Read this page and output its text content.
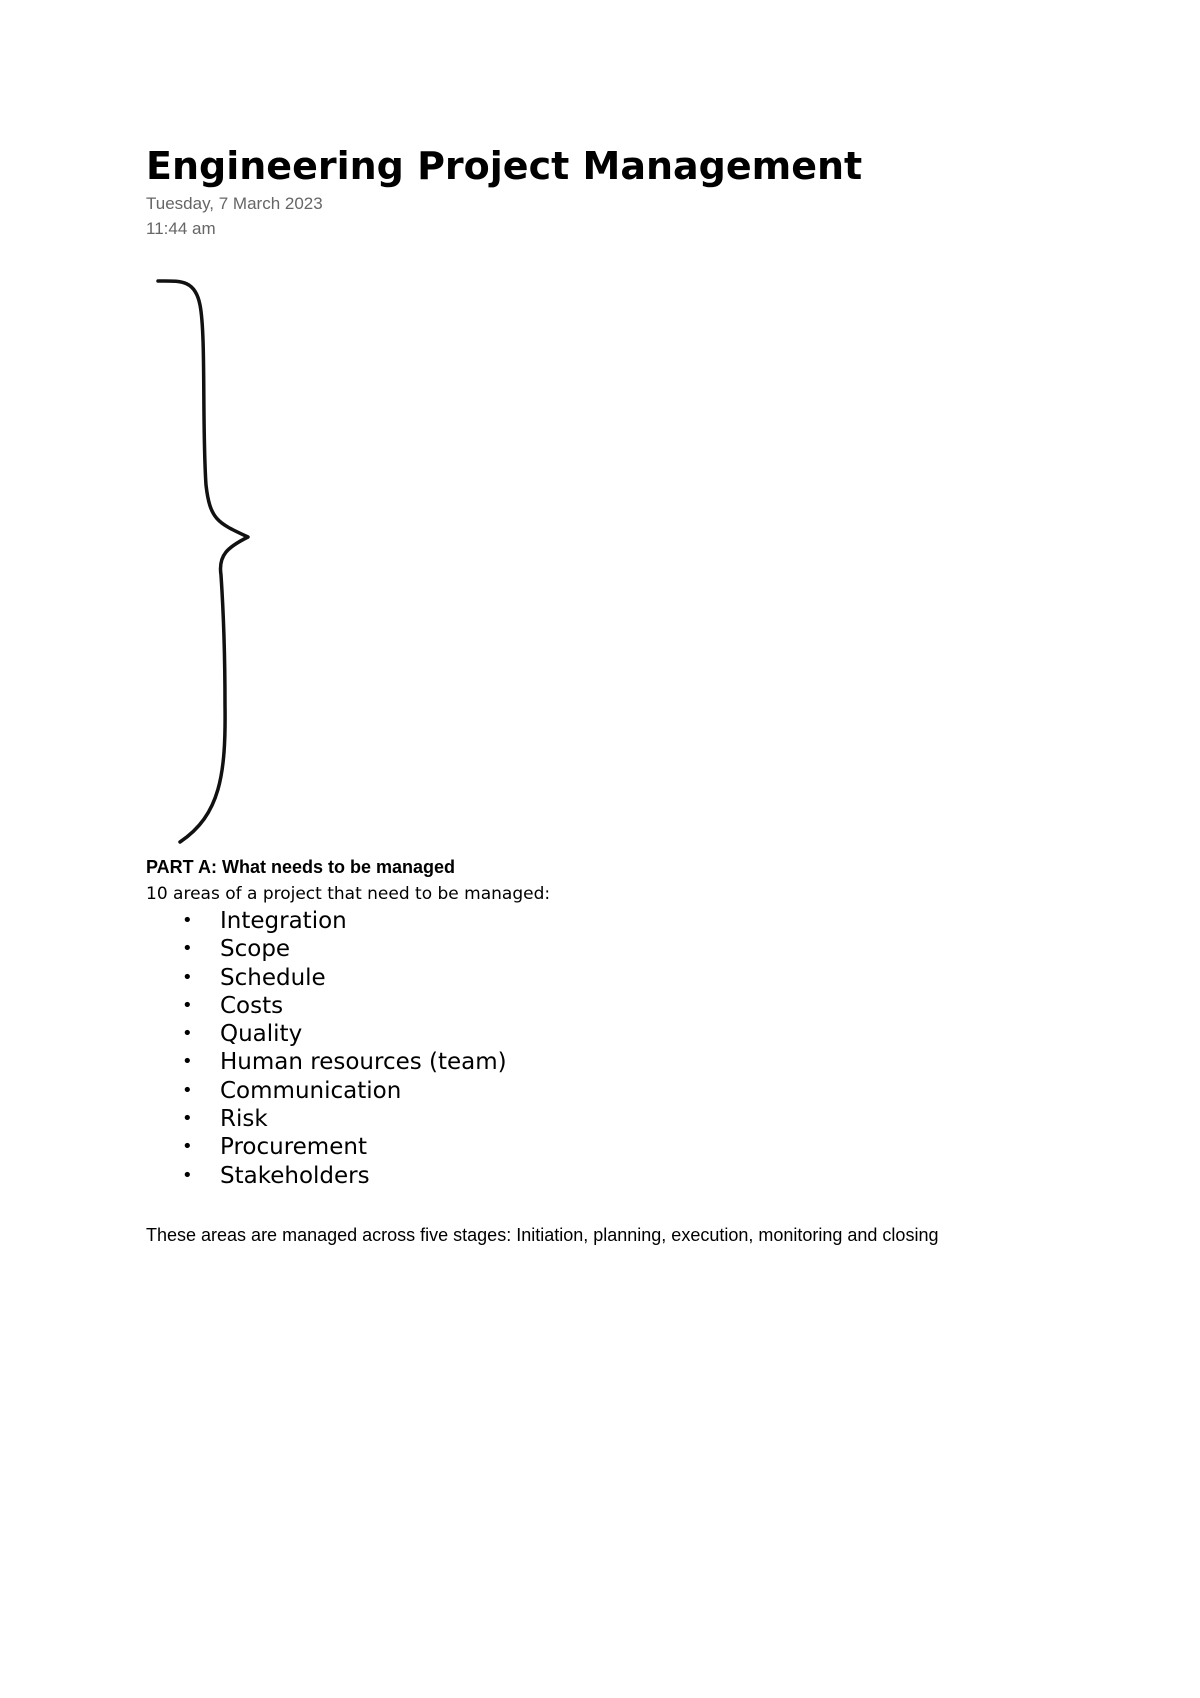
Engineering Project Management
Tuesday, 7 March 2023
11:44 am
PART A: What needs to be managed
10 areas of a project that need to be managed:
• Integration
• Scope
• Schedule
• Costs
• Quality
• Human resources (team)
• Communication
• Risk
• Procurement
• Stakeholders
These areas are managed across five stages: Initiation, planning, execution, monitoring and closing
